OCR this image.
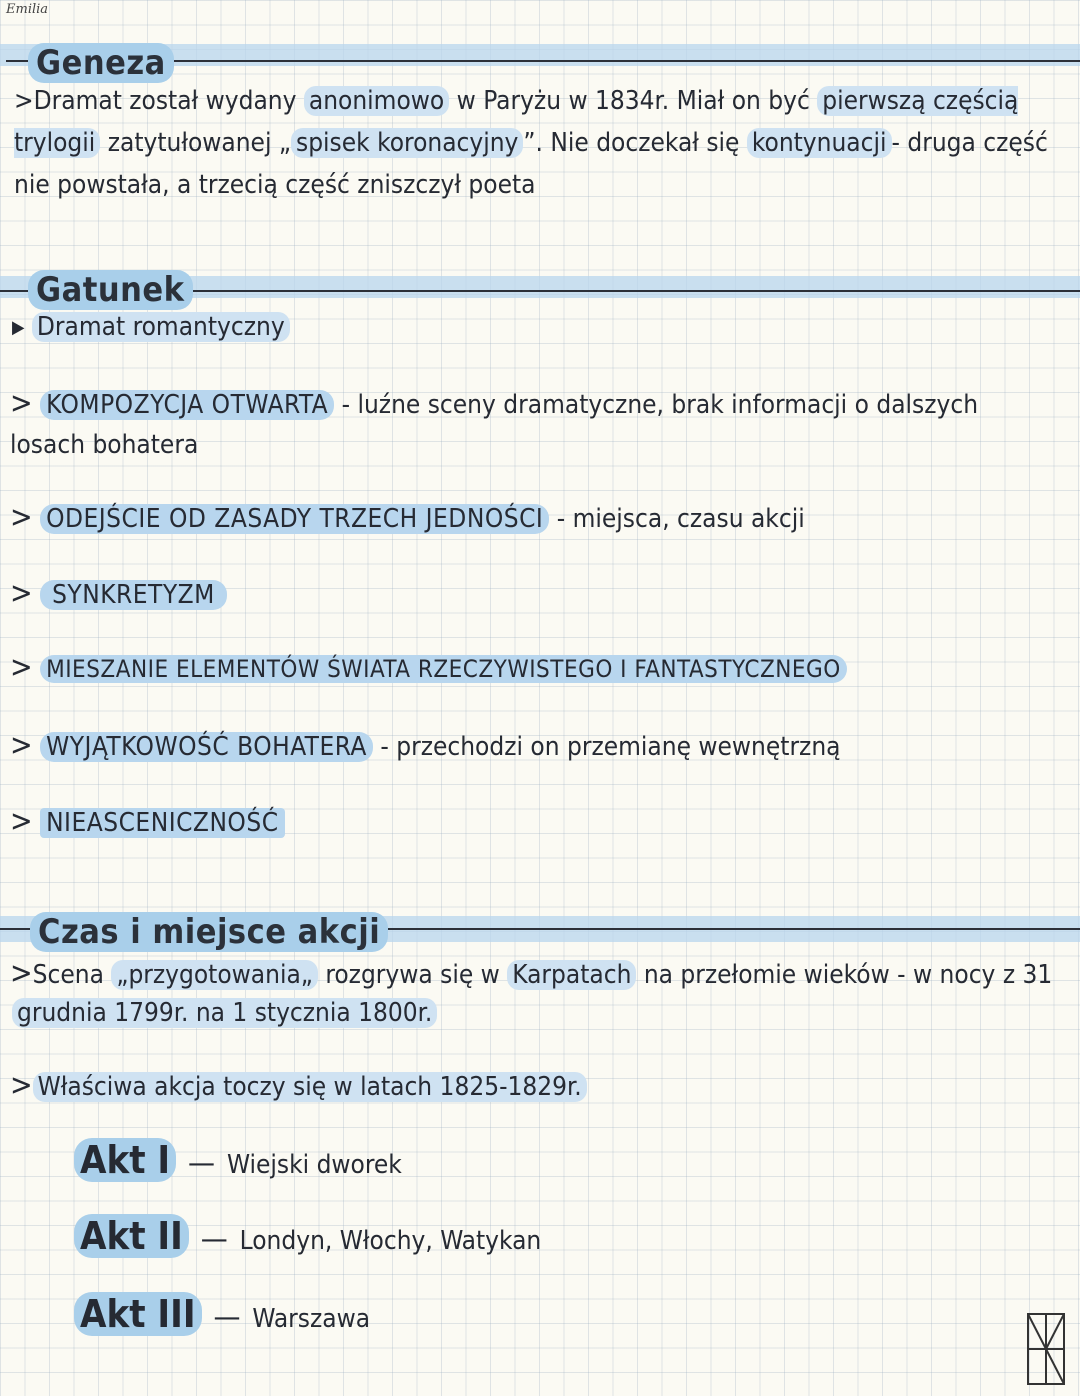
Emilia
Geneza
>Dramat został wydany anonimowo w Paryżu w 1834r. Miał on być pierwszą częścią trylogii zatytułowanej „ spisek koronacyjny ”. Nie doczekał się kontynuacji - druga część nie powstała, a trzecią część zniszczył poeta
Gatunek
▶ Dramat romantyczny
> KOMPOZYCJA OTWARTA - luźne sceny dramatyczne, brak informacji o dalszych
losach bohatera
> ODEJŚCIE OD ZASADY TRZECH JEDNOŚCI - miejsca, czasu akcji
> SYNKRETYZM
> MIESZANIE ELEMENTÓW ŚWIATA RZECZYWISTEGO I FANTASTYCZNEGO
> WYJĄTKOWOŚĆ BOHATERA - przechodzi on przemianę wewnętrzną
> NIEASCENICZNOŚĆ
Czas i miejsce akcji
>Scena „przygotowania„ rozgrywa się w Karpatach na przełomie wieków - w nocy z 31
grudnia 1799r. na 1 stycznia 1800r.
> Właściwa akcja toczy się w latach 1825-1829r.
Akt I — Wiejski dworek
Akt II — Londyn, Włochy, Watykan
Akt III — Warszawa
